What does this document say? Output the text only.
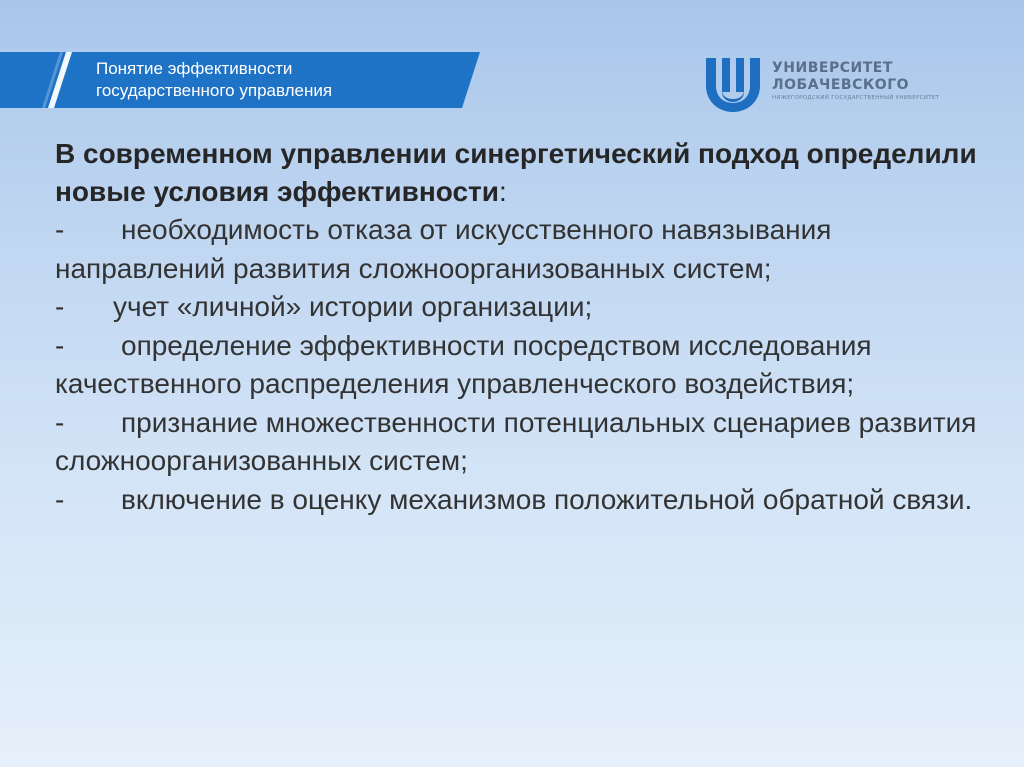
Понятие эффективности
государственного управления
УНИВЕРСИТЕТ
ЛОБАЧЕВСКОГО
НИЖЕГОРОДСКИЙ ГОСУДАРСТВЕННЫЙ УНИВЕРСИТЕТ
В современном управлении синергетический подход определили новые условия эффективности:
- необходимость отказа от искусственного навязывания направлений развития сложноорганизованных систем;
- учет «личной» истории организации;
- определение эффективности посредством исследования качественного распределения управленческого воздействия;
- признание множественности потенциальных сценариев развития сложноорганизованных систем;
- включение в оценку механизмов положительной обратной связи.
